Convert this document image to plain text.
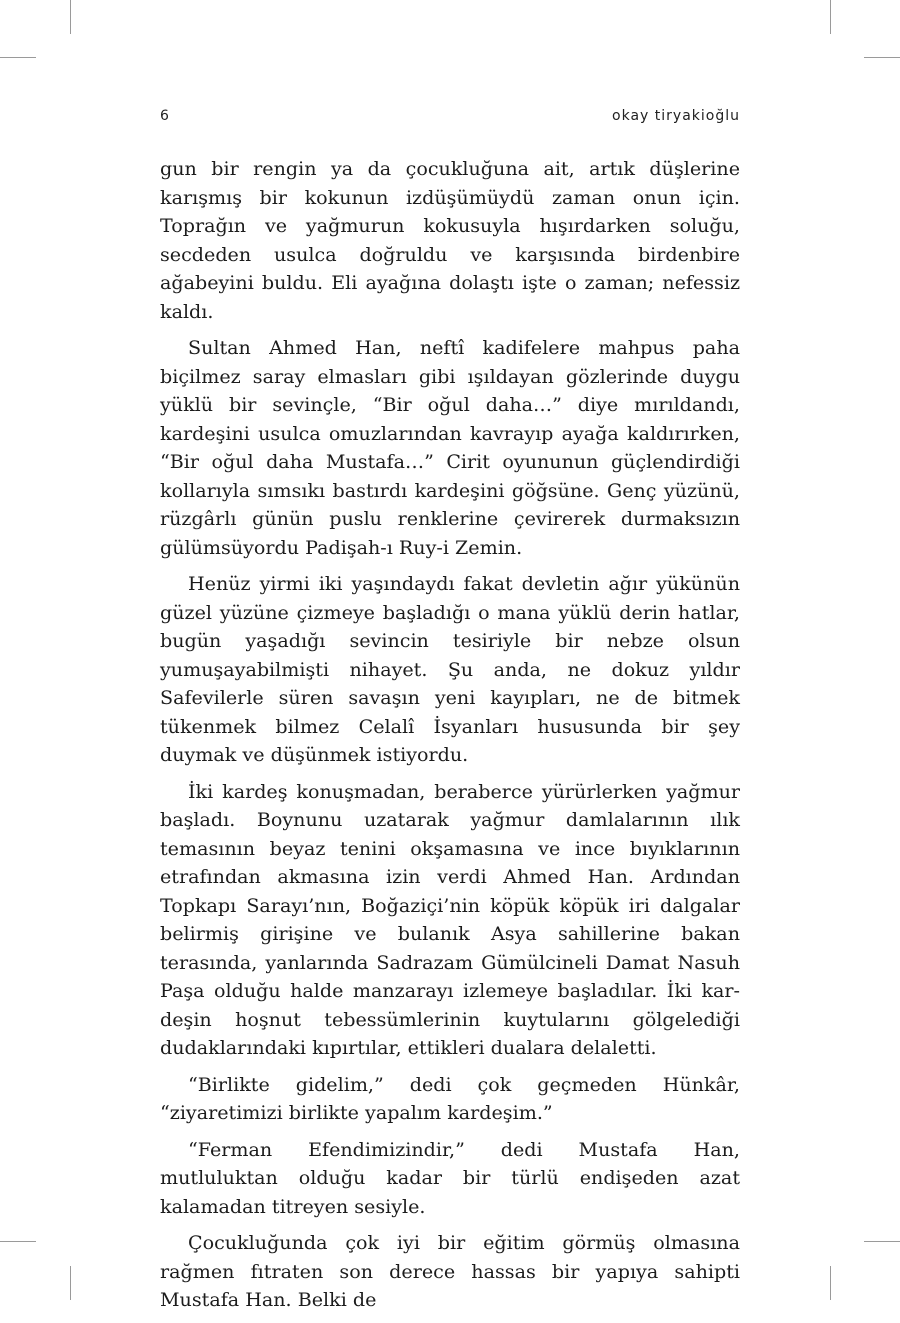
6	okay tiryakioğlu

gun bir rengin ya da çocukluğuna ait, artık düşlerine karışmış bir kokunun izdüşümüydü zaman onun için. Toprağın ve yağmurun kokusuyla hışırdarken soluğu, secdeden usulca doğruldu ve karşısında birdenbire ağabeyini buldu. Eli ayağına dolaştı işte o zaman; nefessiz kaldı.

Sultan Ahmed Han, neftî kadifelere mahpus paha biçilmez saray elmasları gibi ışıldayan gözlerinde duygu yüklü bir sevinçle, “Bir oğul daha…” diye mırıldandı, kardeşini usulca omuzlarından kavrayıp ayağa kaldırırken, “Bir oğul daha Mustafa…” Cirit oyununun güçlendirdiği kollarıyla sımsıkı bastırdı kardeşini göğsüne. Genç yüzünü, rüzgârlı günün puslu renklerine çevirerek durmaksızın gülümsüyordu Padişah-ı Ruy-i Zemin.

Henüz yirmi iki yaşındaydı fakat devletin ağır yükünün güzel yüzüne çizmeye başladığı o mana yüklü derin hatlar, bugün yaşadığı sevincin tesiriyle bir nebze olsun yumuşayabilmişti nihayet. Şu anda, ne dokuz yıldır Safevilerle süren savaşın yeni kayıpları, ne de bitmek tükenmek bilmez Celalî İsyanları hususunda bir şey duymak ve düşünmek istiyordu.

İki kardeş konuşmadan, beraberce yürürlerken yağmur başladı. Boynunu uzatarak yağmur damlalarının ılık temasının beyaz tenini okşamasına ve ince bıyıklarının etrafından akmasına izin verdi Ahmed Han. Ardından Topkapı Sarayı’nın, Boğaziçi’nin köpük köpük iri dalgalar belirmiş girişine ve bulanık Asya sahillerine bakan terasında, yanlarında Sadrazam Gümülcineli Damat Nasuh Paşa olduğu halde manzarayı izlemeye başladılar. İki kardeşin hoşnut tebessümlerinin kuytularını gölgelediği dudaklarındaki kıpırtılar, ettikleri dualara delaletti.

“Birlikte gidelim,” dedi çok geçmeden Hünkâr, “ziyaretimizi birlikte yapalım kardeşim.”

“Ferman Efendimizindir,” dedi Mustafa Han, mutluluktan olduğu kadar bir türlü endişeden azat kalamadan titreyen sesiyle.

Çocukluğunda çok iyi bir eğitim görmüş olmasına rağmen fıtraten son derece hassas bir yapıya sahipti Mustafa Han. Belki de
